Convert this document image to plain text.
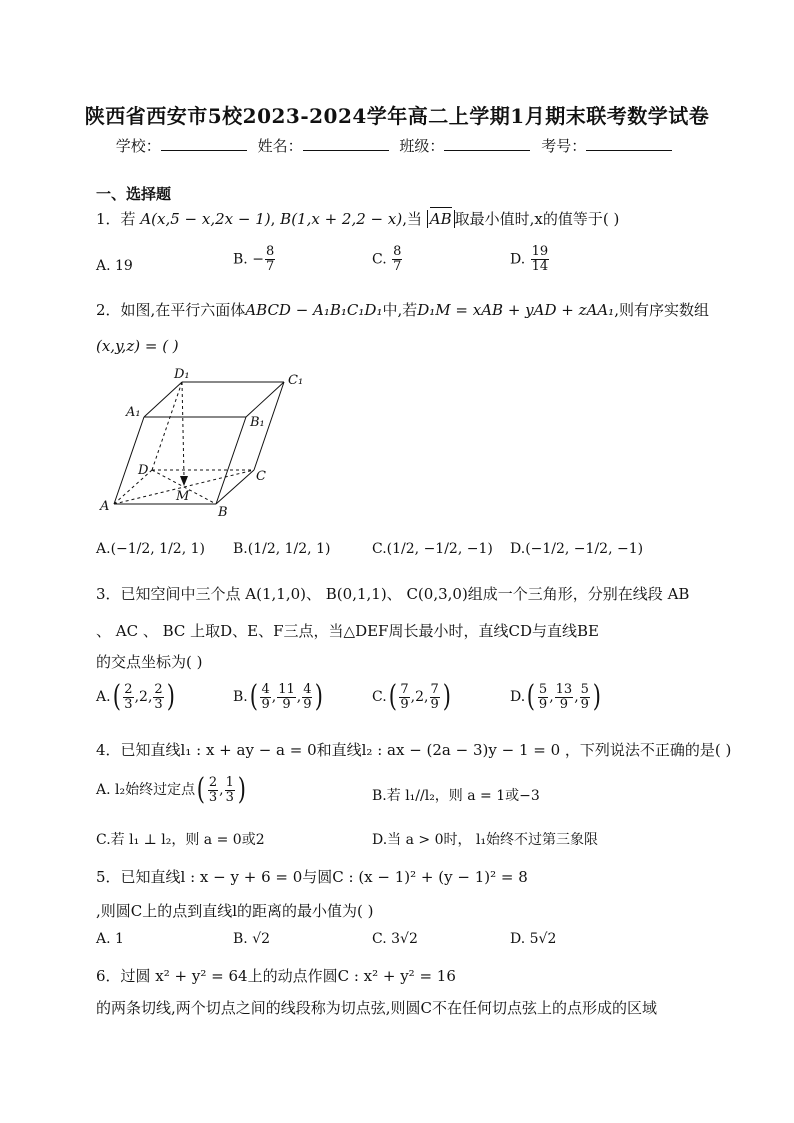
陕西省西安市5校2023-2024学年高二上学期1月期末联考数学试卷
学校：	姓名：	班级：	考号：
一、选择题
1．若 A(x,5 − x,2x − 1), B(1,x + 2,2 − x),当 AB 取最小值时,x的值等于( )
A. 19	B. − $\frac{8}{7}$	C. $\frac{8}{7}$	D. $\frac{19}{14}$
2．如图,在平行六面体ABCD − A₁B₁C₁D₁中,若D₁M = xAB + yAD + zAA₁,则有序实数组
(x,y,z) = ( )
D₁	C₁
A₁
B₁
D	C
M
A	B
A.(−1/2, 1/2, 1) B.(1/2, 1/2, 1)	C.(1/2, −1/2, −1) D.(−1/2, −1/2, −1)
3．已知空间中三个点 A(1,1,0)、 B(0,1,1)、 C(0,3,0)组成一个三角形，分别在线段 AB
、 AC 、 BC 上取D、E、F三点，当△DEF周长最小时，直线CD与直线BE
的交点坐标为( )
$A.( \frac{2}{3} ,2$, $\frac{2}{3}$ )	$B.( \frac{4}{9}$ , $\frac{11}{9}$ , $\frac{4}{9}$ )	$C.( \frac{7}{9} ,2$, $\frac{7}{9}$ )	$D.( \frac{5}{9}$ , $\frac{13}{9}$ , $\frac{5}{9}$ )
4．已知直线l₁ : x + ay − a = 0和直线l₂ : ax − (2a − 3)y − 1 = 0 ，下列说法不正确的是( )
A. l₂始终过定点( $\frac{2}{3}$ , $\frac{1}{3}$ )	B.若 l₁//l₂，则 a = 1或−3
C.若 l₁ ⊥ l₂，则 a = 0或2	D.当 a > 0时， l₁始终不过第三象限
5．已知直线l : x − y + 6 = 0与圆C : (x − 1)² + (y − 1)² = 8
,则圆C上的点到直线l的距离的最小值为( )
A. 1	B. √2	C. 3√2	D. 5√2
6．过圆 x² + y² = 64上的动点作圆C : x² + y² = 16
的两条切线,两个切点之间的线段称为切点弦,则圆C不在任何切点弦上的点形成的区域
